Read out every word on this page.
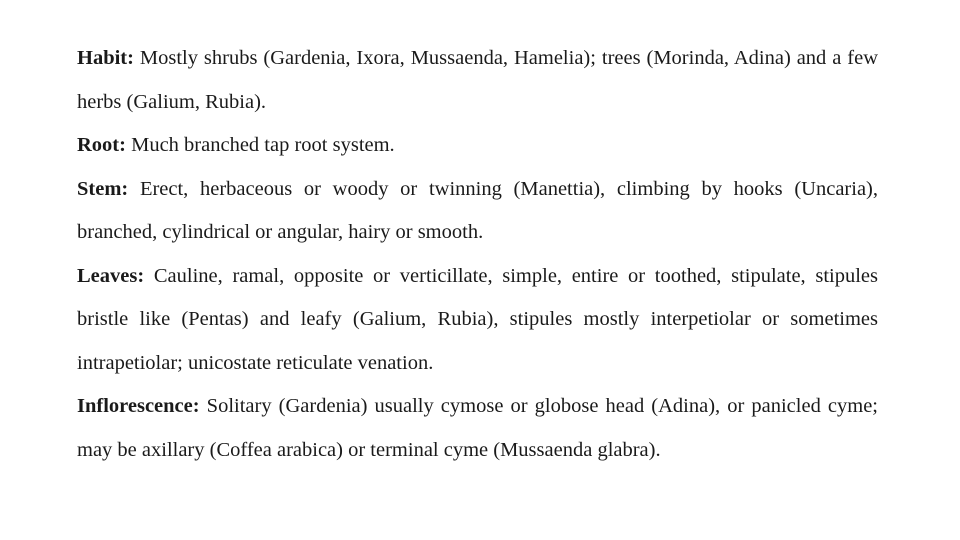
Habit: Mostly shrubs (Gardenia, Ixora, Mussaenda, Hamelia); trees (Morinda, Adina) and a few herbs (Galium, Rubia).

Root: Much branched tap root system.

Stem: Erect, herbaceous or woody or twinning (Manettia), climbing by hooks (Uncaria), branched, cylindrical or angular, hairy or smooth.

Leaves: Cauline, ramal, opposite or verticillate, simple, entire or toothed, stipulate, stipules bristle like (Pentas) and leafy (Galium, Rubia), stipules mostly interpetiolar or sometimes intrapetiolar; unicostate reticulate venation.

Inflorescence: Solitary (Gardenia) usually cymose or globose head (Adina), or panicled cyme; may be axillary (Coffea arabica) or terminal cyme (Mussaenda glabra).
